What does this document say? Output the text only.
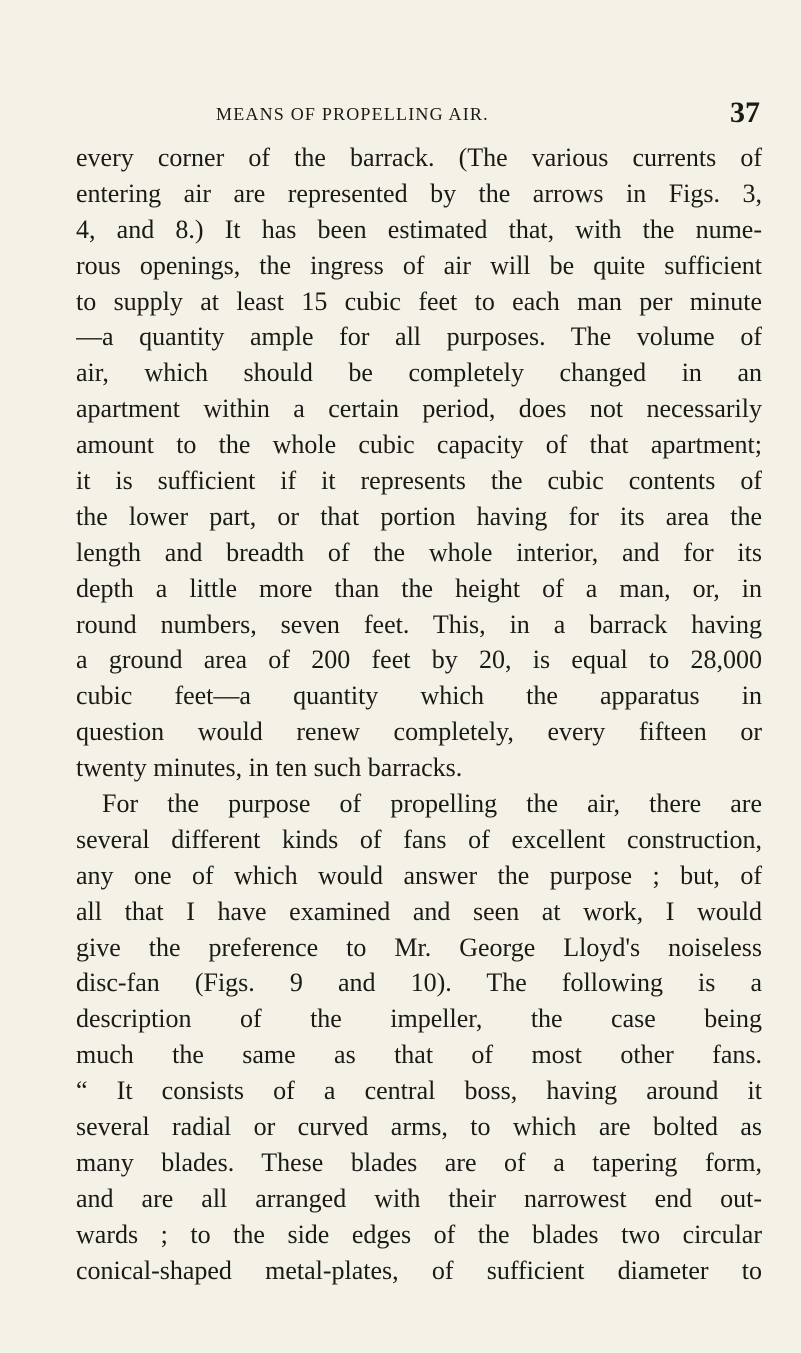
MEANS OF PROPELLING AIR.	37
every corner of the barrack. (The various currents of
entering air are represented by the arrows in Figs. 3,
4, and 8.) It has been estimated that, with the nume-
rous openings, the ingress of air will be quite sufficient
to supply at least 15 cubic feet to each man per minute
—a quantity ample for all purposes. The volume of
air, which should be completely changed in an
apartment within a certain period, does not necessarily
amount to the whole cubic capacity of that apartment;
it is sufficient if it represents the cubic contents of
the lower part, or that portion having for its area the
length and breadth of the whole interior, and for its
depth a little more than the height of a man, or, in
round numbers, seven feet. This, in a barrack having
a ground area of 200 feet by 20, is equal to 28,000
cubic feet—a quantity which the apparatus in
question would renew completely, every fifteen or
twenty minutes, in ten such barracks.
For the purpose of propelling the air, there are
several different kinds of fans of excellent construction,
any one of which would answer the purpose ; but, of
all that I have examined and seen at work, I would
give the preference to Mr. George Lloyd's noiseless
disc-fan (Figs. 9 and 10). The following is a
description of the impeller, the case being
much the same as that of most other fans.
“ It consists of a central boss, having around it
several radial or curved arms, to which are bolted as
many blades. These blades are of a tapering form,
and are all arranged with their narrowest end out-
wards ; to the side edges of the blades two circular
conical-shaped metal-plates, of sufficient diameter to
